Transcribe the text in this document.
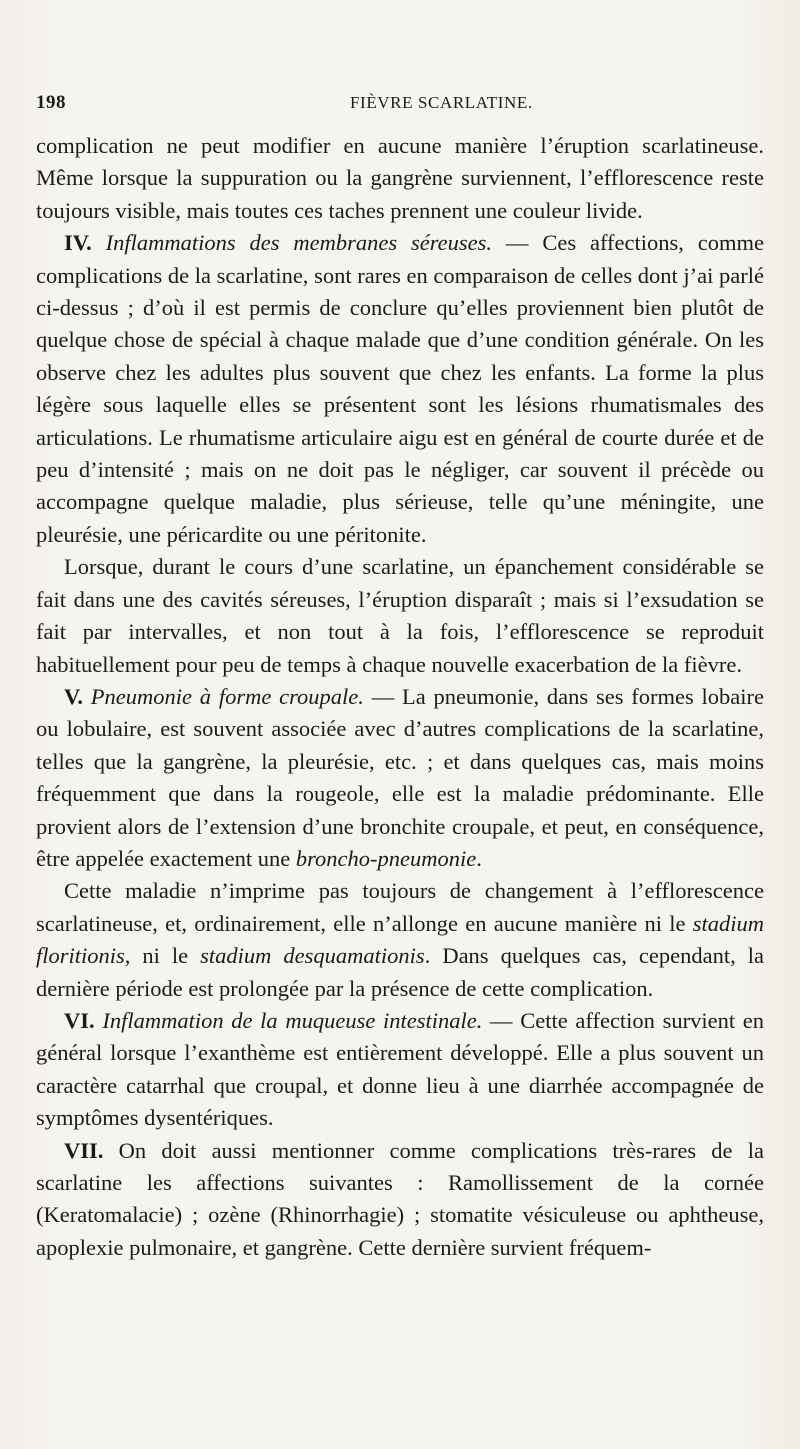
198	FIÈVRE SCARLATINE.

complication ne peut modifier en aucune manière l’éruption scarlatineuse. Même lorsque la suppuration ou la gangrène surviennent, l’efflorescence reste toujours visible, mais toutes ces taches prennent une couleur livide.

IV. Inflammations des membranes séreuses. — Ces affections, comme complications de la scarlatine, sont rares en comparaison de celles dont j’ai parlé ci-dessus ; d’où il est permis de conclure qu’elles proviennent bien plutôt de quelque chose de spécial à chaque malade que d’une condition générale. On les observe chez les adultes plus souvent que chez les enfants. La forme la plus légère sous laquelle elles se présentent sont les lésions rhumatismales des articulations. Le rhumatisme articulaire aigu est en général de courte durée et de peu d’intensité ; mais on ne doit pas le négliger, car souvent il précède ou accompagne quelque maladie, plus sérieuse, telle qu’une méningite, une pleurésie, une péricardite ou une péritonite.

Lorsque, durant le cours d’une scarlatine, un épanchement considérable se fait dans une des cavités séreuses, l’éruption disparaît ; mais si l’exsudation se fait par intervalles, et non tout à la fois, l’efflorescence se reproduit habituellement pour peu de temps à chaque nouvelle exacerbation de la fièvre.

V. Pneumonie à forme croupale. — La pneumonie, dans ses formes lobaire ou lobulaire, est souvent associée avec d’autres complications de la scarlatine, telles que la gangrène, la pleurésie, etc. ; et dans quelques cas, mais moins fréquemment que dans la rougeole, elle est la maladie prédominante. Elle provient alors de l’extension d’une bronchite croupale, et peut, en conséquence, être appelée exactement une broncho-pneumonie.

Cette maladie n’imprime pas toujours de changement à l’efflorescence scarlatineuse, et, ordinairement, elle n’allonge en aucune manière ni le stadium floritionis, ni le stadium desquamationis. Dans quelques cas, cependant, la dernière période est prolongée par la présence de cette complication.

VI. Inflammation de la muqueuse intestinale. — Cette affection survient en général lorsque l’exanthème est entièrement développé. Elle a plus souvent un caractère catarrhal que croupal, et donne lieu à une diarrhée accompagnée de symptômes dysentériques.

VII. On doit aussi mentionner comme complications très-rares de la scarlatine les affections suivantes : Ramollissement de la cornée (Keratomalacie) ; ozène (Rhinorrhagie) ; stomatite vésiculeuse ou aphtheuse, apoplexie pulmonaire, et gangrène. Cette dernière survient fréquem-
